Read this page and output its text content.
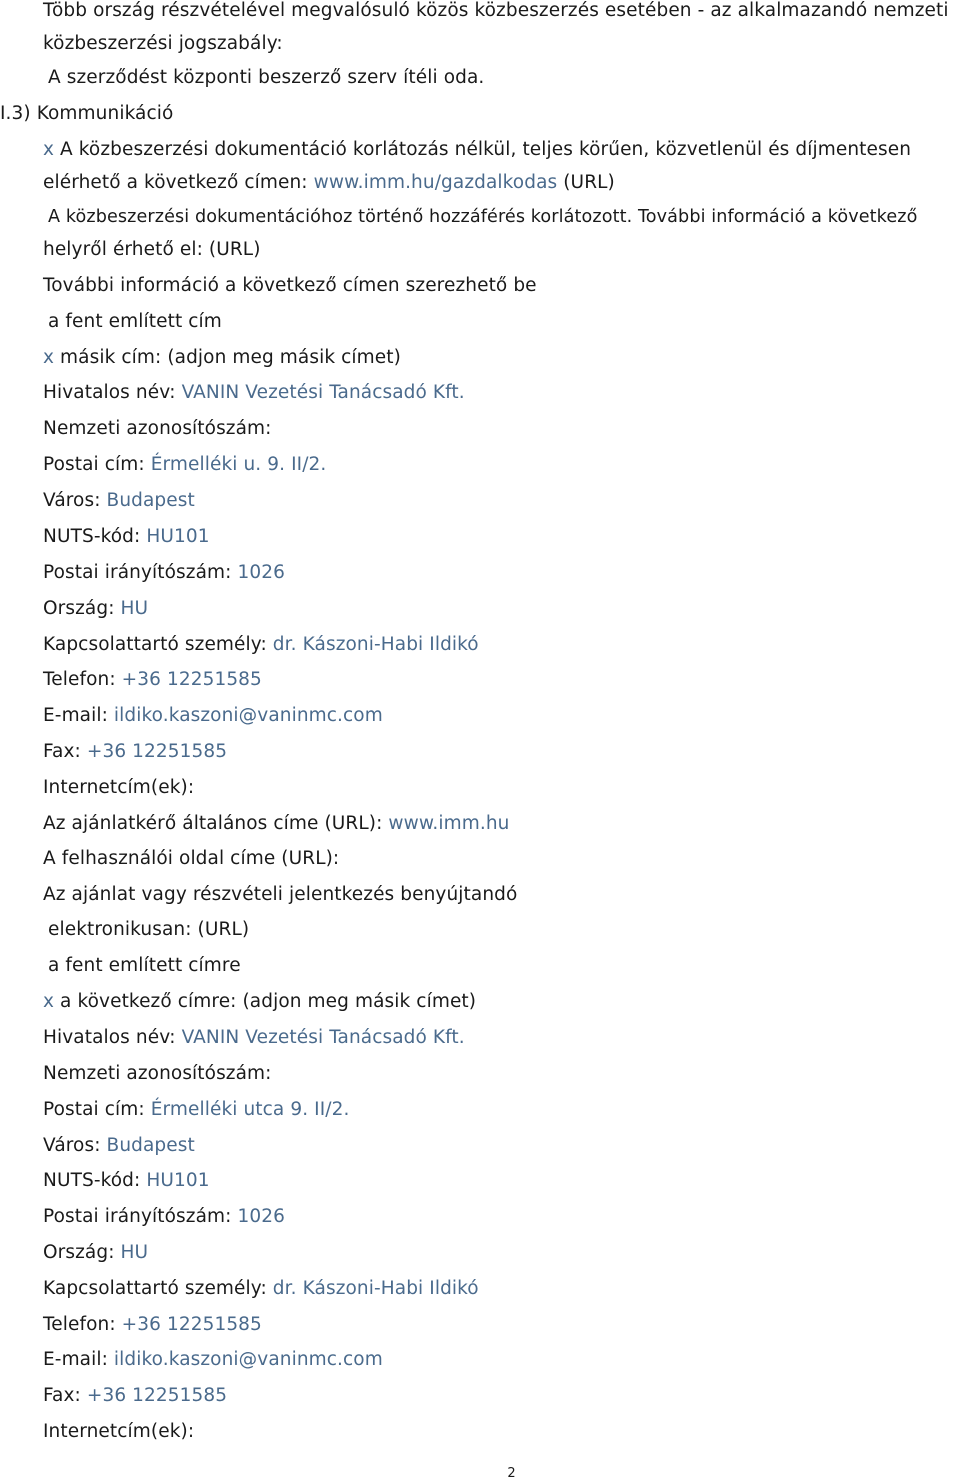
Több ország részvételével megvalósuló közös közbeszerzés esetében - az alkalmazandó nemzeti
közbeszerzési jogszabály:
A szerződést központi beszerző szerv ítéli oda.
I.3) Kommunikáció
x A közbeszerzési dokumentáció korlátozás nélkül, teljes körűen, közvetlenül és díjmentesen
elérhető a következő címen: www.imm.hu/gazdalkodas (URL)
A közbeszerzési dokumentációhoz történő hozzáférés korlátozott. További információ a következő
helyről érhető el: (URL)
További információ a következő címen szerezhető be
a fent említett cím
x másik cím: (adjon meg másik címet)
Hivatalos név: VANIN Vezetési Tanácsadó Kft.
Nemzeti azonosítószám:
Postai cím: Érmelléki u. 9. II/2.
Város: Budapest
NUTS-kód: HU101
Postai irányítószám: 1026
Ország: HU
Kapcsolattartó személy: dr. Kászoni-Habi Ildikó
Telefon: +36 12251585
E-mail: ildiko.kaszoni@vaninmc.com
Fax: +36 12251585
Internetcím(ek):
Az ajánlatkérő általános címe (URL): www.imm.hu
A felhasználói oldal címe (URL):
Az ajánlat vagy részvételi jelentkezés benyújtandó
elektronikusan: (URL)
a fent említett címre
x a következő címre: (adjon meg másik címet)
Hivatalos név: VANIN Vezetési Tanácsadó Kft.
Nemzeti azonosítószám:
Postai cím: Érmelléki utca 9. II/2.
Város: Budapest
NUTS-kód: HU101
Postai irányítószám: 1026
Ország: HU
Kapcsolattartó személy: dr. Kászoni-Habi Ildikó
Telefon: +36 12251585
E-mail: ildiko.kaszoni@vaninmc.com
Fax: +36 12251585
Internetcím(ek):
2
